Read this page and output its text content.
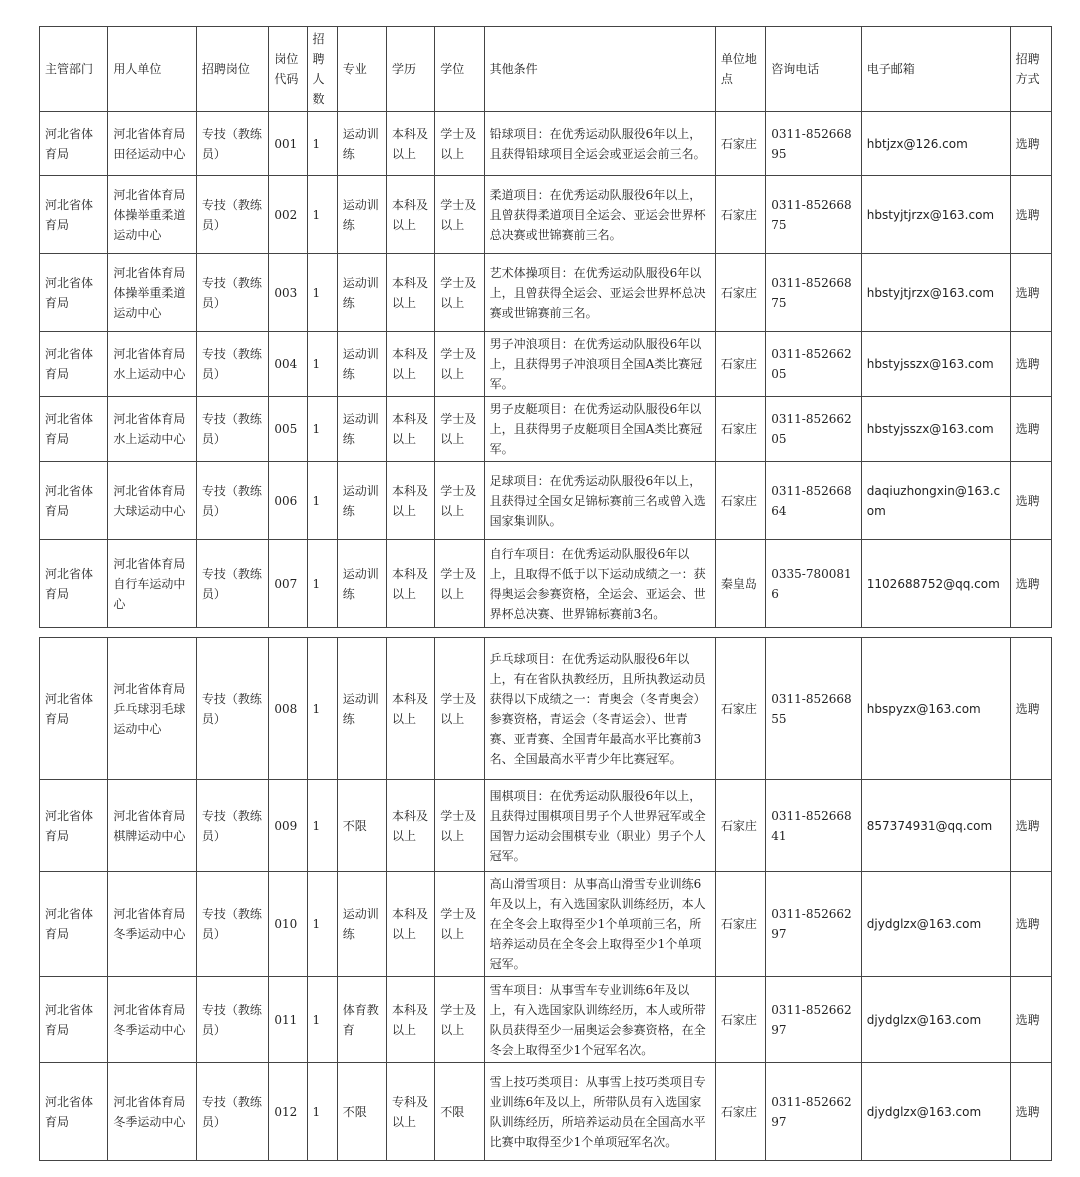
主管部门	用人单位	招聘岗位	岗位代码	招聘人数	专业	学历	学位	其他条件	单位地点	咨询电话	电子邮箱	招聘方式
河北省体育局	河北省体育局田径运动中心	专技（教练员）	001	1	运动训练	本科及以上	学士及以上	铅球项目：在优秀运动队服役6年以上，且获得铅球项目全运会或亚运会前三名。	石家庄	0311-85266895	hbtjzx@126.com	选聘
河北省体育局	河北省体育局体操举重柔道运动中心	专技（教练员）	002	1	运动训练	本科及以上	学士及以上	柔道项目：在优秀运动队服役6年以上，且曾获得柔道项目全运会、亚运会世界杯总决赛或世锦赛前三名。	石家庄	0311-85266875	hbstyjtjrzx@163.com	选聘
河北省体育局	河北省体育局体操举重柔道运动中心	专技（教练员）	003	1	运动训练	本科及以上	学士及以上	艺术体操项目：在优秀运动队服役6年以上，且曾获得全运会、亚运会世界杯总决赛或世锦赛前三名。	石家庄	0311-85266875	hbstyjtjrzx@163.com	选聘
河北省体育局	河北省体育局水上运动中心	专技（教练员）	004	1	运动训练	本科及以上	学士及以上	男子冲浪项目：在优秀运动队服役6年以上，且获得男子冲浪项目全国A类比赛冠军。	石家庄	0311-85266205	hbstyjsszx@163.com	选聘
河北省体育局	河北省体育局水上运动中心	专技（教练员）	005	1	运动训练	本科及以上	学士及以上	男子皮艇项目：在优秀运动队服役6年以上，且获得男子皮艇项目全国A类比赛冠军。	石家庄	0311-85266205	hbstyjsszx@163.com	选聘
河北省体育局	河北省体育局大球运动中心	专技（教练员）	006	1	运动训练	本科及以上	学士及以上	足球项目：在优秀运动队服役6年以上，且获得过全国女足锦标赛前三名或曾入选国家集训队。	石家庄	0311-85266864	daqiuzhongxin@163.com	选聘
河北省体育局	河北省体育局自行车运动中心	专技（教练员）	007	1	运动训练	本科及以上	学士及以上	自行车项目：在优秀运动队服役6年以上，且取得不低于以下运动成绩之一：获得奥运会参赛资格，全运会、亚运会、世界杯总决赛、世界锦标赛前3名。	秦皇岛	0335-7800816	1102688752@qq.com	选聘
河北省体育局	河北省体育局乒乓球羽毛球运动中心	专技（教练员）	008	1	运动训练	本科及以上	学士及以上	乒乓球项目：在优秀运动队服役6年以上，有在省队执教经历，且所执教运动员获得以下成绩之一：青奥会（冬青奥会）参赛资格，青运会（冬青运会）、世青赛、亚青赛、全国青年最高水平比赛前3名、全国最高水平青少年比赛冠军。	石家庄	0311-85266855	hbspyzx@163.com	选聘
河北省体育局	河北省体育局棋牌运动中心	专技（教练员）	009	1	不限	本科及以上	学士及以上	围棋项目：在优秀运动队服役6年以上，且获得过围棋项目男子个人世界冠军或全国智力运动会围棋专业（职业）男子个人冠军。	石家庄	0311-85266841	857374931@qq.com	选聘
河北省体育局	河北省体育局冬季运动中心	专技（教练员）	010	1	运动训练	本科及以上	学士及以上	高山滑雪项目：从事高山滑雪专业训练6年及以上，有入选国家队训练经历，本人在全冬会上取得至少1个单项前三名，所培养运动员在全冬会上取得至少1个单项冠军。	石家庄	0311-85266297	djydglzx@163.com	选聘
河北省体育局	河北省体育局冬季运动中心	专技（教练员）	011	1	体育教育	本科及以上	学士及以上	雪车项目：从事雪车专业训练6年及以上，有入选国家队训练经历，本人或所带队员获得至少一届奥运会参赛资格，在全冬会上取得至少1个冠军名次。	石家庄	0311-85266297	djydglzx@163.com	选聘
河北省体育局	河北省体育局冬季运动中心	专技（教练员）	012	1	不限	专科及以上	不限	雪上技巧类项目：从事雪上技巧类项目专业训练6年及以上，所带队员有入选国家队训练经历，所培养运动员在全国高水平比赛中取得至少1个单项冠军名次。	石家庄	0311-85266297	djydglzx@163.com	选聘
